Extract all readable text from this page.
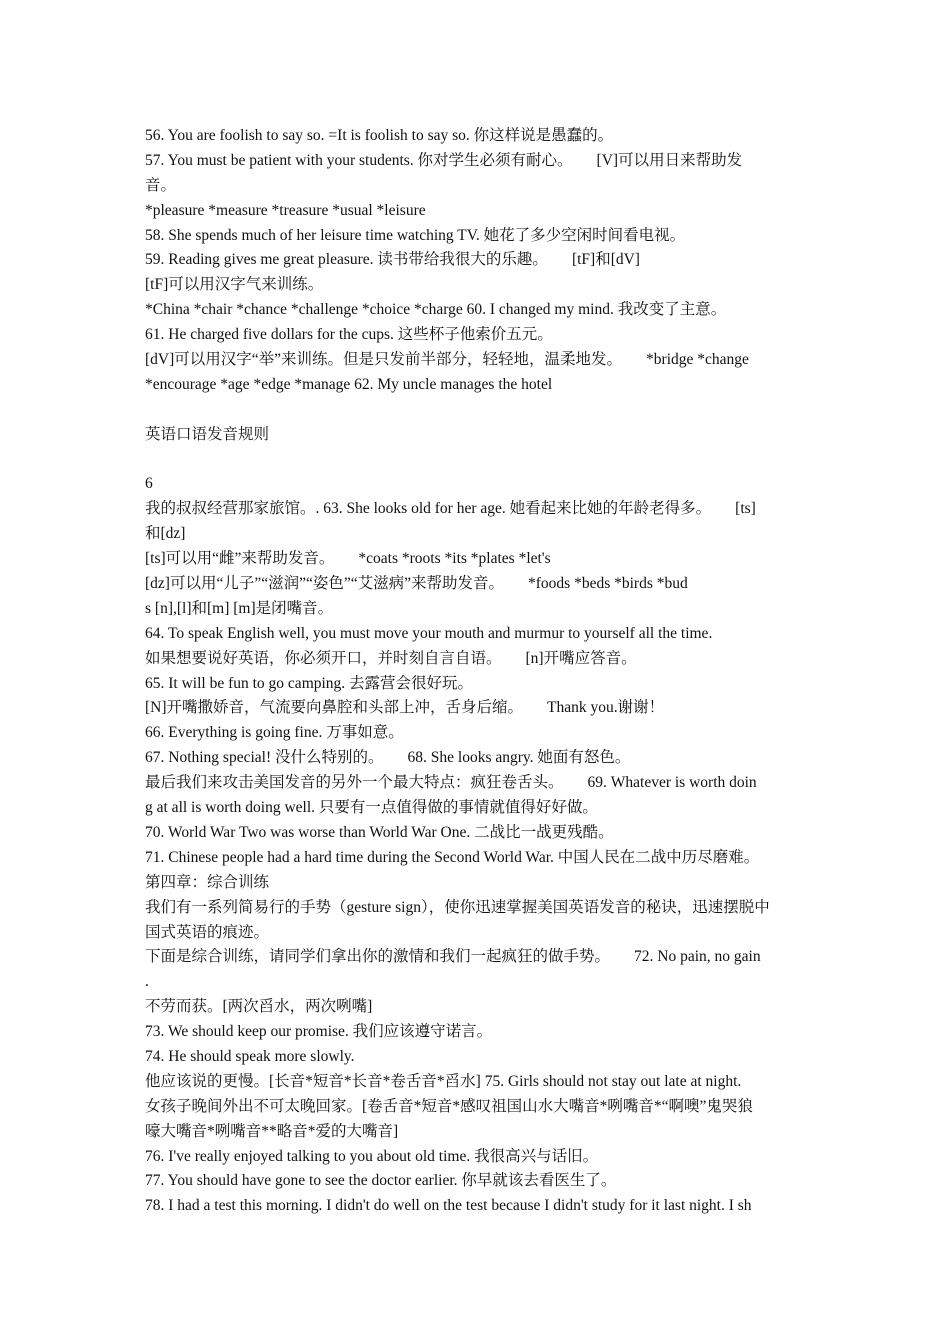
56. You are foolish to say so. =It is foolish to say so. 你这样说是愚蠢的。
57. You must be patient with your students. 你对学生必须有耐心。 [V]可以用日来帮助发
音。
*pleasure *measure *treasure *usual *leisure
58. She spends much of her leisure time watching TV. 她花了多少空闲时间看电视。
59. Reading gives me great pleasure. 读书带给我很大的乐趣。 [tF]和[dV]
[tF]可以用汉字气来训练。
*China *chair *chance *challenge *choice *charge 60. I changed my mind. 我改变了主意。
61. He charged five dollars for the cups. 这些杯子他索价五元。
[dV]可以用汉字“举”来训练。但是只发前半部分，轻轻地，温柔地发。 *bridge *change
*encourage *age *edge *manage 62. My uncle manages the hotel
英语口语发音规则
6
我的叔叔经营那家旅馆。. 63. She looks old for her age. 她看起来比她的年龄老得多。 [ts]
和[dz]
[ts]可以用“雌”来帮助发音。 *coats *roots *its *plates *let's
[dz]可以用“儿子”“滋润”“姿色”“艾滋病”来帮助发音。 *foods *beds *birds *bud
s [n],[l]和[m] [m]是闭嘴音。
64. To speak English well, you must move your mouth and murmur to yourself all the time.
如果想要说好英语，你必须开口，并时刻自言自语。 [n]开嘴应答音。
65. It will be fun to go camping. 去露营会很好玩。
[N]开嘴撒娇音，气流要向鼻腔和头部上冲，舌身后缩。 Thank you.谢谢！
66. Everything is going fine. 万事如意。
67. Nothing special! 没什么特别的。 68. She looks angry. 她面有怒色。
最后我们来攻击美国发音的另外一个最大特点：疯狂卷舌头。 69. Whatever is worth doin
g at all is worth doing well. 只要有一点值得做的事情就值得好好做。
70. World War Two was worse than World War One. 二战比一战更残酷。
71. Chinese people had a hard time during the Second World War. 中国人民在二战中历尽磨难。
第四章：综合训练
我们有一系列简易行的手势（gesture sign），使你迅速掌握美国英语发音的秘诀，迅速摆脱中
国式英语的痕迹。
下面是综合训练，请同学们拿出你的激情和我们一起疯狂的做手势。 72. No pain, no gain
.
不劳而获。[两次舀水，两次咧嘴]
73. We should keep our promise. 我们应该遵守诺言。
74. He should speak more slowly.
他应该说的更慢。[长音*短音*长音*卷舌音*舀水] 75. Girls should not stay out late at night.
女孩子晚间外出不可太晚回家。[卷舌音*短音*感叹祖国山水大嘴音*咧嘴音*“啊噢”鬼哭狼
嚎大嘴音*咧嘴音**略音*爱的大嘴音]
76. I've really enjoyed talking to you about old time. 我很高兴与话旧。
77. You should have gone to see the doctor earlier. 你早就该去看医生了。
78. I had a test this morning. I didn't do well on the test because I didn't study for it last night. I sh
